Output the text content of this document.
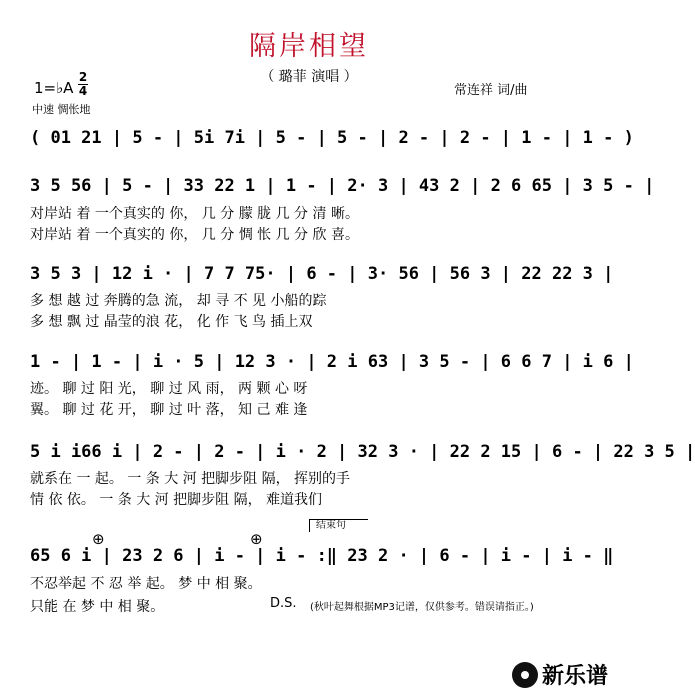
隔岸相望
（ 璐菲 演唱 ）
1=♭A
2
4
中速 惆怅地
常连祥 词/曲
( 01 21 | 5 - | 5i 7i | 5 - | 5 - | 2 - | 2 - | 1 - | 1 - )
3 5 56 | 5 - | 33 22 1 | 1 - | 2· 3 | 43 2 | 2 6 65 | 3 5 - |
对岸站 着 一个真实的 你， 几 分 朦 胧 几 分 清 晰。
对岸站 着 一个真实的 你， 几 分 惆 怅 几 分 欣 喜。
3 5 3 | 12 i · | 7 7 75· | 6 - | 3· 56 | 56 3 | 22 22 3 |
多 想 越 过 奔腾的急 流， 却 寻 不 见 小船的踪
多 想 飘 过 晶莹的浪 花， 化 作 飞 鸟 插上双
1 - | 1 - | i · 5 | 12 3 · | 2 i 63 | 3 5 - | 6 6 7 | i 6 |
迹。 聊 过 阳 光， 聊 过 风 雨， 两 颗 心 呀
翼。 聊 过 花 开， 聊 过 叶 落， 知 己 难 逢
5 i i66 i | 2 - | 2 - | i · 2 | 32 3 · | 22 2 15 | 6 - | 22 3 5 |
就系在 一 起。 一 条 大 河 把脚步阻 隔， 挥别的手
情 依 依。 一 条 大 河 把脚步阻 隔， 难道我们
结束句
⊕	⊕
65 6 i | 23 2 6 | i - | i - :‖ 23 2 · | 6 - | i - | i - ‖
不忍举起 不 忍 举 起。 梦 中 相 聚。
只能 在 梦 中 相 聚。	D.S. (秋叶起舞根据MP3记谱，仅供参考。错误请指正。)
新乐谱
